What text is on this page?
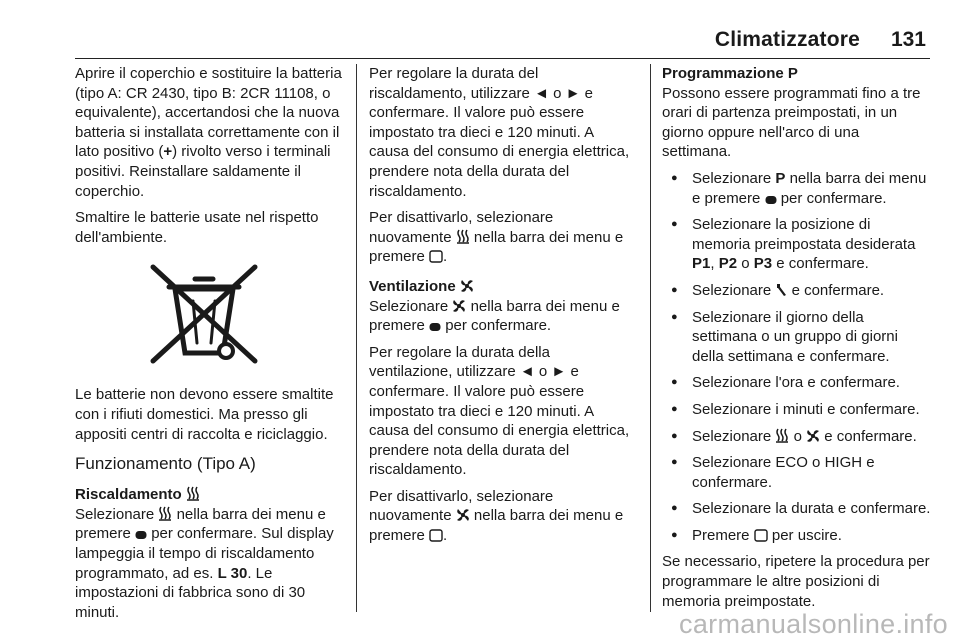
Climatizzatore 131

Aprire il coperchio e sostituire la batteria (tipo A: CR 2430, tipo B: 2CR 11108, o equivalente), accertandosi che la nuova batteria si installata correttamente con il lato positivo (+) rivolto verso i terminali positivi. Reinstallare saldamente il coperchio.

Smaltire le batterie usate nel rispetto dell'ambiente.

Le batterie non devono essere smaltite con i rifiuti domestici. Ma presso gli appositi centri di raccolta e riciclaggio.

Funzionamento (Tipo A)
Riscaldamento

Selezionare nella barra dei menu e premere per confermare. Sul display lampeggia il tempo di riscaldamento programmato, ad es. L 30. Le impostazioni di fabbrica sono di 30 minuti.

Per regolare la durata del riscaldamento, utilizzare ◄ o ► e confermare. Il valore può essere impostato tra dieci e 120 minuti. A causa del consumo di energia elettrica, prendere nota della durata del riscaldamento.

Per disattivarlo, selezionare nuovamente nella barra dei menu e premere .

Ventilazione

Selezionare nella barra dei menu e premere per confermare.

Per regolare la durata della ventilazione, utilizzare ◄ o ► e confermare. Il valore può essere impostato tra dieci e 120 minuti. A causa del consumo di energia elettrica, prendere nota della durata del riscaldamento.

Per disattivarlo, selezionare nuovamente nella barra dei menu e premere .

Programmazione P

Possono essere programmati fino a tre orari di partenza preimpostati, in un giorno oppure nell'arco di una settimana.

● Selezionare P nella barra dei menu e premere per confermare.
● Selezionare la posizione di memoria preimpostata desiderata P1, P2 o P3 e confermare.
● Selezionare e confermare.
● Selezionare il giorno della settimana o un gruppo di giorni della settimana e confermare.
● Selezionare l'ora e confermare.
● Selezionare i minuti e confermare.
● Selezionare o e confermare.
● Selezionare ECO o HIGH e confermare.
● Selezionare la durata e confermare.
● Premere per uscire.

Se necessario, ripetere la procedura per programmare le altre posizioni di memoria preimpostate.

carmanualsonline.info
